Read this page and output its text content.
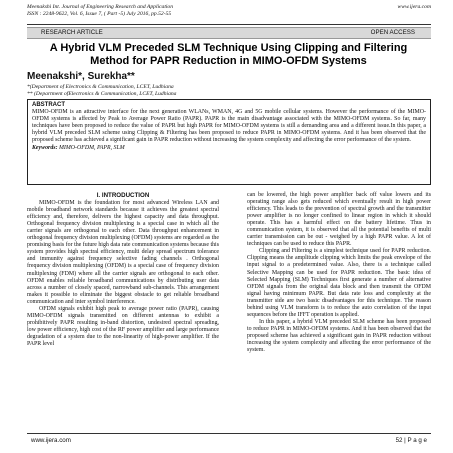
Meenakshi Int. Journal of Engineering Research and Application
ISSN : 2248-9622, Vol. 6, Issue 7, ( Part -5) July 2016, pp.52-55
www.ijera.com
RESEARCH ARTICLE	OPEN ACCESS
A Hybrid VLM Preceded SLM Technique Using Clipping and Filtering Method for PAPR Reduction in MIMO-OFDM Systems
Meenakshi*, Surekha**
*(Department of Electronics & Communication, LCET, Ludhiana
** (Department ofElectronics & Communication, LCET, Ludhiana
ABSTRACT
MIMO-OFDM is an attractive interface for the next generation WLANs, WMAN, 4G and 5G mobile cellular systems. However the performance of the MIMO-OFDM systems is affected by Peak to Average Power Ratio (PAPR). PAPR is the main disadvantage associated with the MIMO-OFDM systems. So far, many techniques have been proposed to reduce the value of PAPR but high PAPR for MIMO-OFDM systems is still a demanding area and a different issue.In this paper, a hybrid VLM preceded SLM scheme using Clipping & Filtering has been proposed to reduce PAPR in MIMO-OFDM systems. And it has been observed that the proposed scheme has achieved a significant gain in PAPR reduction without increasing the system complexity and affecting the error performance of the system.
Keywords: MIMO-OFDM, PAPR, SLM
I. INTRODUCTION

MIMO-OFDM is the foundation for most advanced Wireless LAN and mobile broadband network standards because it achieves the greatest spectral efficiency and, therefore, delivers the highest capacity and data throughput. Orthogonal frequency division multiplexing is a special case in which all the carrier signals are orthogonal to each other. Data throughput enhancement in orthogonal frequency division multiplexing (OFDM) systems are regarded as the promising basis for the future high data rate communication systems because this system provides high spectral efficiency, multi delay spread spectrum tolerance and immunity against frequency selective fading channels . Orthogonal frequency division multiplexing (OFDM) is a special case of frequency division multiplexing (FDM) where all the carrier signals are orthogonal to each other. OFDM enables reliable broadband communications by distributing user data across a number of closely spaced, narrowband sub-channels. This arrangement makes it possible to eliminate the biggest obstacle to get reliable broadband communication and inter symbol interference.

OFDM signals exhibit high peak to average power ratio (PAPR), causing MIMO-OFDM signals transmitted on different antennas to exhibit a prohibitively PAPR resulting in-band distortion, undesired spectral spreading, low power efficiency, high cost of the RF power amplifier and large performance degradation of a system due to the non-linearity of high-power amplifier. If the PAPR level

can be lowered, the high power amplifier back off value lowers and its operating range also gets reduced which eventually result in high power efficiency. This leads to the prevention of spectral growth and the transmitter power amplifier is no longer confined to linear region in which it should operate. This has a harmful effect on the battery lifetime. Thus in communication system, it is observed that all the potential benefits of multi carrier transmission can be out - weighed by a high PAPR value. A lot of techniques can be used to reduce this PAPR.

Clipping and Filtering is a simplest technique used for PAPR reduction. Clipping means the amplitude clipping which limits the peak envelope of the input signal to a predetermined value. Also, there is a technique called Selective Mapping can be used for PAPR reduction. The basic idea of Selected Mapping (SLM) Techniques first generate a number of alternative OFDM signals from the original data block and then transmit the OFDM signal having minimum PAPR. But data rate loss and complexity at the transmitter side are two basic disadvantages for this technique. The reason behind using VLM transform is to reduce the auto correlation of the input sequences before the IFFT operation is applied.

In this paper, a hybrid VLM preceded SLM scheme has been proposed to reduce PAPR in MIMO-OFDM systems. And it has been observed that the proposed scheme has achieved a significant gain in PAPR reduction without increasing the system complexity and affecting the error performance of the system.

www.ijera.com	52 | P a g e
